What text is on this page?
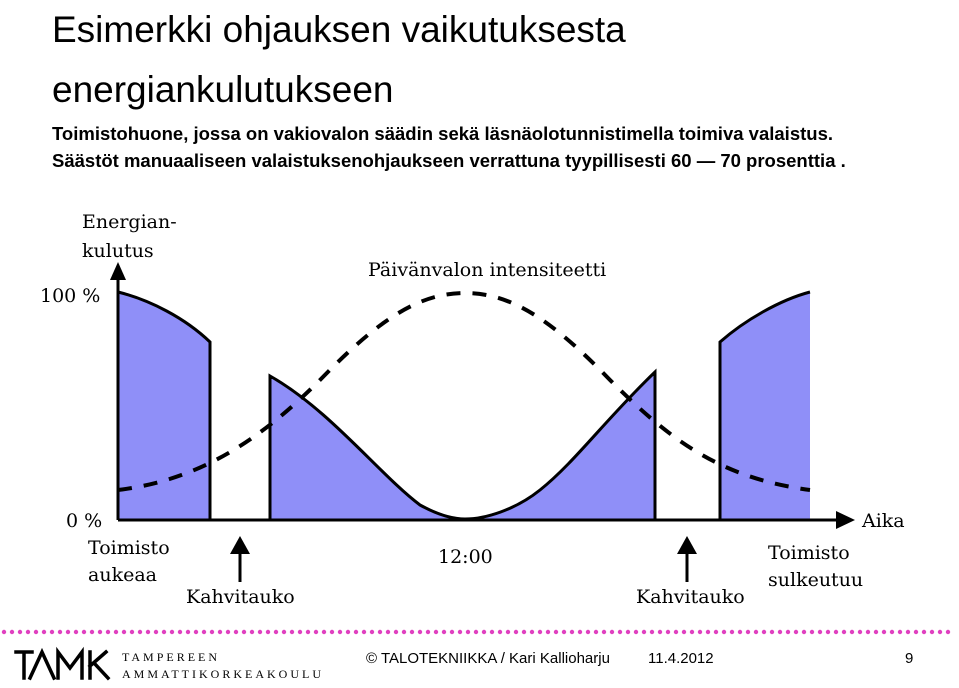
Esimerkki ohjauksen vaikutuksesta
energiankulutukseen
Toimistohuone, jossa on vakiovalon säädin sekä läsnäolotunnistimella toimiva valaistus.
Säästöt manuaaliseen valaistuksenohjaukseen verrattuna tyypillisesti 60 — 70 prosenttia .
Energian-
kulutus
100 %
0 %	Aika
Päivänvalon intensiteetti
12:00
Toimisto
aukeaa
Toimisto
sulkeutuu
Kahvitauko	Kahvitauko
TAMPEREEN
AMMATTIKORKEAKOULU
© TALOTEKNIIKKA / Kari Kallioharju	11.4.2012	9
